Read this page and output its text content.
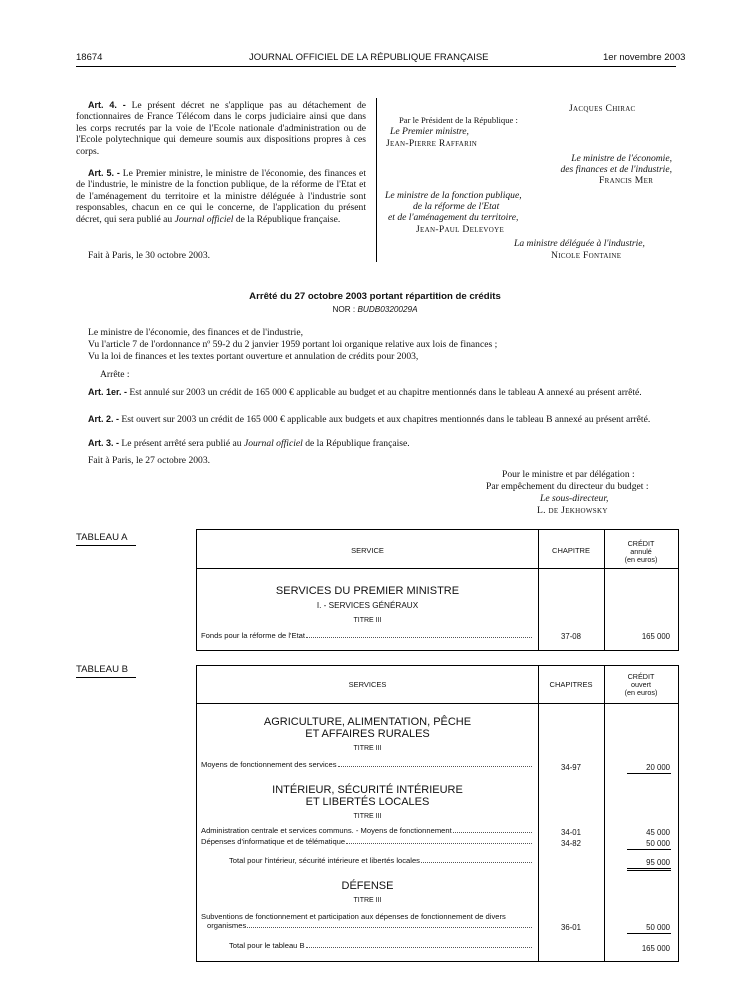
18674	JOURNAL OFFICIEL DE LA RÉPUBLIQUE FRANÇAISE	1er novembre 2003
Art. 4. - Le présent décret ne s'applique pas au détachement de fonctionnaires de France Télécom dans le corps judiciaire ainsi que dans les corps recrutés par la voie de l'Ecole nationale d'administration ou de l'Ecole polytechnique qui demeure soumis aux dispositions propres à ces corps.
Art. 5. - Le Premier ministre, le ministre de l'économie, des finances et de l'industrie, le ministre de la fonction publique, de la réforme de l'Etat et de l'aménagement du territoire et la ministre déléguée à l'industrie sont responsables, chacun en ce qui le concerne, de l'application du présent décret, qui sera publié au Journal officiel de la République française.
Fait à Paris, le 30 octobre 2003.
Jacques Chirac
Par le Président de la République :
Le Premier ministre,
Jean-Pierre Raffarin
Le ministre de l'économie,
des finances et de l'industrie,
Francis Mer
Le ministre de la fonction publique,
de la réforme de l'Etat
et de l'aménagement du territoire,
Jean-Paul Delevoye
La ministre déléguée à l'industrie,
Nicole Fontaine
Arrêté du 27 octobre 2003 portant répartition de crédits
NOR : BUDB0320029A
Le ministre de l'économie, des finances et de l'industrie,
Vu l'article 7 de l'ordonnance nº 59-2 du 2 janvier 1959 portant loi organique relative aux lois de finances ;
Vu la loi de finances et les textes portant ouverture et annulation de crédits pour 2003,
Arrête :
Art. 1er. - Est annulé sur 2003 un crédit de 165 000 € applicable au budget et au chapitre mentionnés dans le tableau A annexé au présent arrêté.
Art. 2. - Est ouvert sur 2003 un crédit de 165 000 € applicable aux budgets et aux chapitres mentionnés dans le tableau B annexé au présent arrêté.
Art. 3. - Le présent arrêté sera publié au Journal officiel de la République française.
Fait à Paris, le 27 octobre 2003.
Pour le ministre et par délégation :
Par empêchement du directeur du budget :
Le sous-directeur,
L. de Jekhowsky
TABLEAU A
SERVICE	CHAPITRE
CRÉDIT
annulé
(en euros)
SERVICES DU PREMIER MINISTRE
I. - SERVICES GÉNÉRAUX
TITRE III
Fonds pour la réforme de l'Etat	37-08	165 000
TABLEAU B
SERVICES	CHAPITRES
CRÉDIT
ouvert
(en euros)
AGRICULTURE, ALIMENTATION, PÊCHE
ET AFFAIRES RURALES
TITRE III
Moyens de fonctionnement des services	34-97	20 000
INTÉRIEUR, SÉCURITÉ INTÉRIEURE
ET LIBERTÉS LOCALES
TITRE III
Administration centrale et services communs. - Moyens de fonctionnement	34-01	45 000
Dépenses d'informatique et de télématique	34-82	50 000
Total pour l'intérieur, sécurité intérieure et libertés locales	95 000
DÉFENSE
TITRE III
Subventions de fonctionnement et participation aux dépenses de fonctionnement de divers
organismes	36-01	50 000
Total pour le tableau B	165 000
